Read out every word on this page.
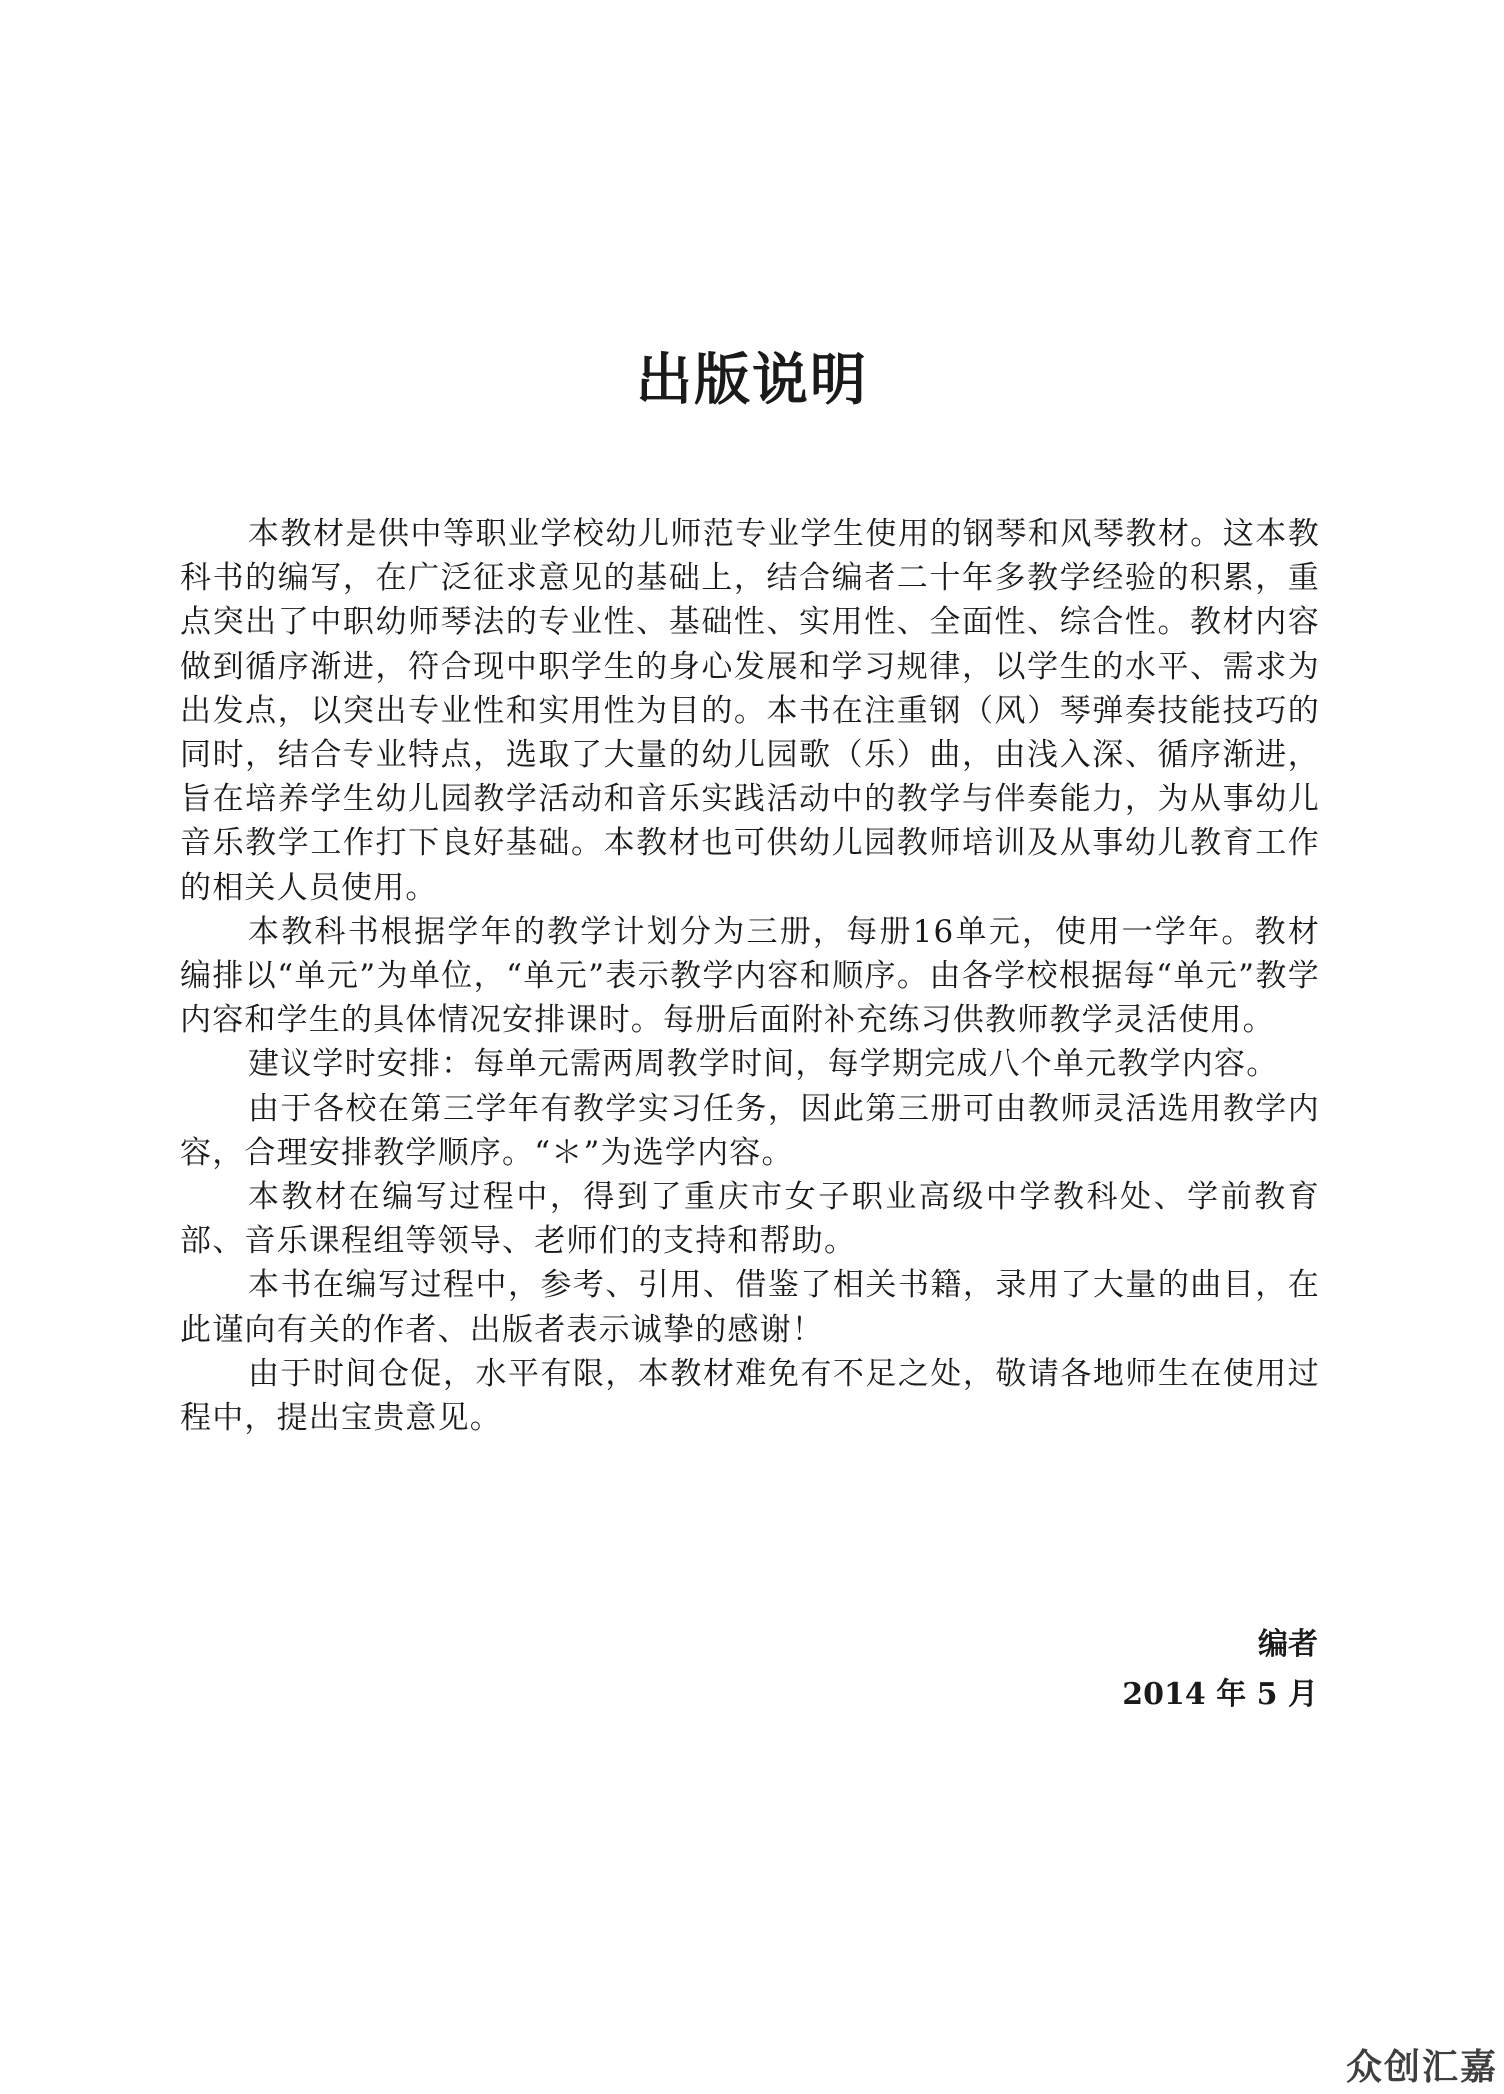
出版说明

本教材是供中等职业学校幼儿师范专业学生使用的钢琴和风琴教材。这本教科书的编写，在广泛征求意见的基础上，结合编者二十年多教学经验的积累，重点突出了中职幼师琴法的专业性、基础性、实用性、全面性、综合性。教材内容做到循序渐进，符合现中职学生的身心发展和学习规律，以学生的水平、需求为出发点，以突出专业性和实用性为目的。本书在注重钢（风）琴弹奏技能技巧的同时，结合专业特点，选取了大量的幼儿园歌（乐）曲，由浅入深、循序渐进，旨在培养学生幼儿园教学活动和音乐实践活动中的教学与伴奏能力，为从事幼儿音乐教学工作打下良好基础。本教材也可供幼儿园教师培训及从事幼儿教育工作的相关人员使用。

本教科书根据学年的教学计划分为三册，每册16单元，使用一学年。教材编排以“单元”为单位，“单元”表示教学内容和顺序。由各学校根据每“单元”教学内容和学生的具体情况安排课时。每册后面附补充练习供教师教学灵活使用。

建议学时安排：每单元需两周教学时间，每学期完成八个单元教学内容。

由于各校在第三学年有教学实习任务，因此第三册可由教师灵活选用教学内容，合理安排教学顺序。“＊”为选学内容。

本教材在编写过程中，得到了重庆市女子职业高级中学教科处、学前教育部、音乐课程组等领导、老师们的支持和帮助。

本书在编写过程中，参考、引用、借鉴了相关书籍，录用了大量的曲目，在此谨向有关的作者、出版者表示诚挚的感谢！

由于时间仓促，水平有限，本教材难免有不足之处，敬请各地师生在使用过程中，提出宝贵意见。

编者

2014 年 5 月

众创汇嘉
